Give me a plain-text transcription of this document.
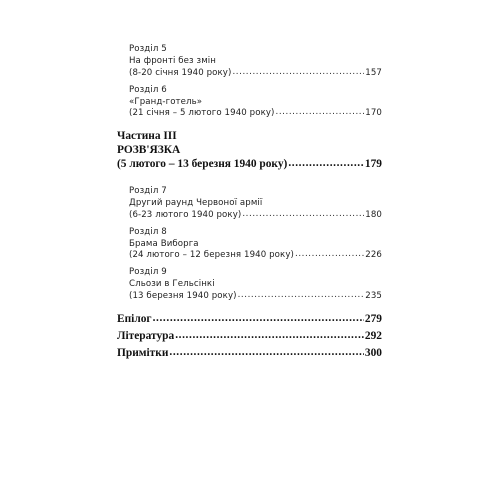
Розділ 5
На фронті без змін
(8-20 січня 1940 року) .....	157
Розділ 6
«Гранд-готель»
(21 січня – 5 лютого 1940 року) .....	170
Частина III
РОЗВ'ЯЗКА
(5 лютого – 13 березня 1940 року) .....	179
Розділ 7
Другий раунд Червоної армії
(6-23 лютого 1940 року) .....	180
Розділ 8
Брама Виборга
(24 лютого – 12 березня 1940 року) .....	226
Розділ 9
Сльози в Гельсінкі
(13 березня 1940 року) .....	235
Епілог .....	279
Література .....	292
Примітки .....	300
